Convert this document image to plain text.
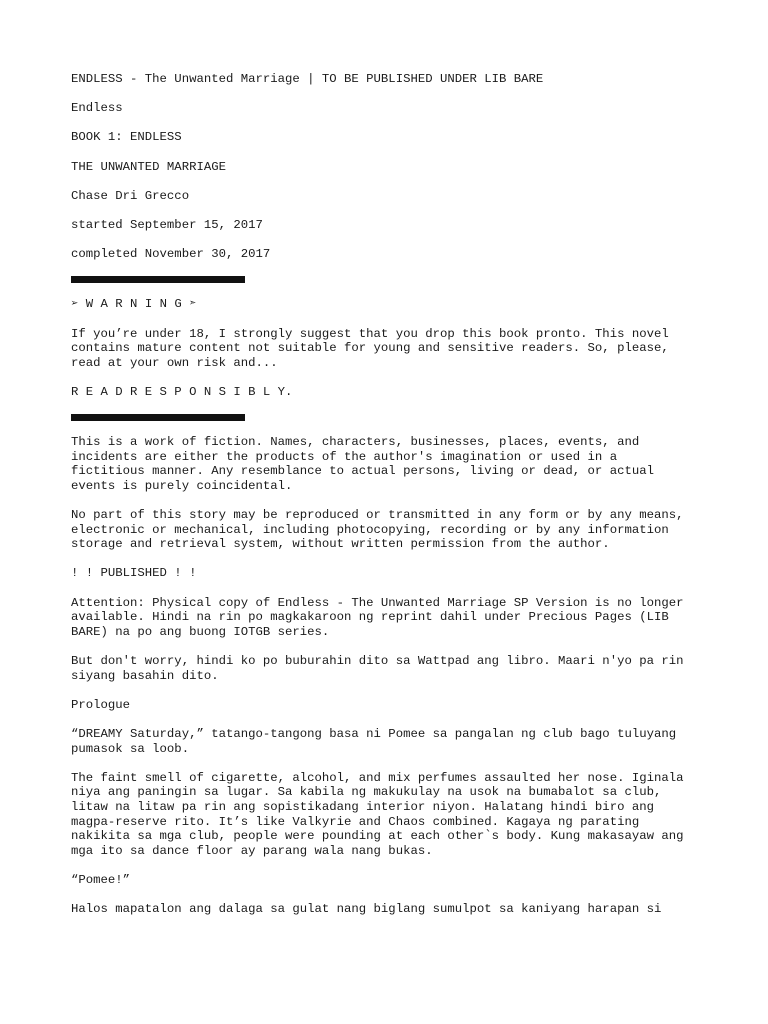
ENDLESS - The Unwanted Marriage | TO BE PUBLISHED UNDER LIB BARE

Endless

BOOK 1: ENDLESS

THE UNWANTED MARRIAGE

Chase Dri Grecco

started September 15, 2017

completed November 30, 2017

➢ W A R N I N G ➣

If you’re under 18, I strongly suggest that you drop this book pronto. This novel
contains mature content not suitable for young and sensitive readers. So, please,
read at your own risk and...

R E A D R E S P O N S I B L Y.

This is a work of fiction. Names, characters, businesses, places, events, and
incidents are either the products of the author's imagination or used in a
fictitious manner. Any resemblance to actual persons, living or dead, or actual
events is purely coincidental.

No part of this story may be reproduced or transmitted in any form or by any means,
electronic or mechanical, including photocopying, recording or by any information
storage and retrieval system, without written permission from the author.

! ! PUBLISHED ! !

Attention: Physical copy of Endless - The Unwanted Marriage SP Version is no longer
available. Hindi na rin po magkakaroon ng reprint dahil under Precious Pages (LIB
BARE) na po ang buong IOTGB series.

But don't worry, hindi ko po buburahin dito sa Wattpad ang libro. Maari n'yo pa rin
siyang basahin dito.

Prologue

“DREAMY Saturday,” tatango-tangong basa ni Pomee sa pangalan ng club bago tuluyang
pumasok sa loob.

The faint smell of cigarette, alcohol, and mix perfumes assaulted her nose. Iginala
niya ang paningin sa lugar. Sa kabila ng makukulay na usok na bumabalot sa club,
litaw na litaw pa rin ang sopistikadang interior niyon. Halatang hindi biro ang
magpa-reserve rito. It’s like Valkyrie and Chaos combined. Kagaya ng parating
nakikita sa mga club, people were pounding at each other՝s body. Kung makasayaw ang
mga ito sa dance floor ay parang wala nang bukas.

“Pomee!”

Halos mapatalon ang dalaga sa gulat nang biglang sumulpot sa kaniyang harapan si
